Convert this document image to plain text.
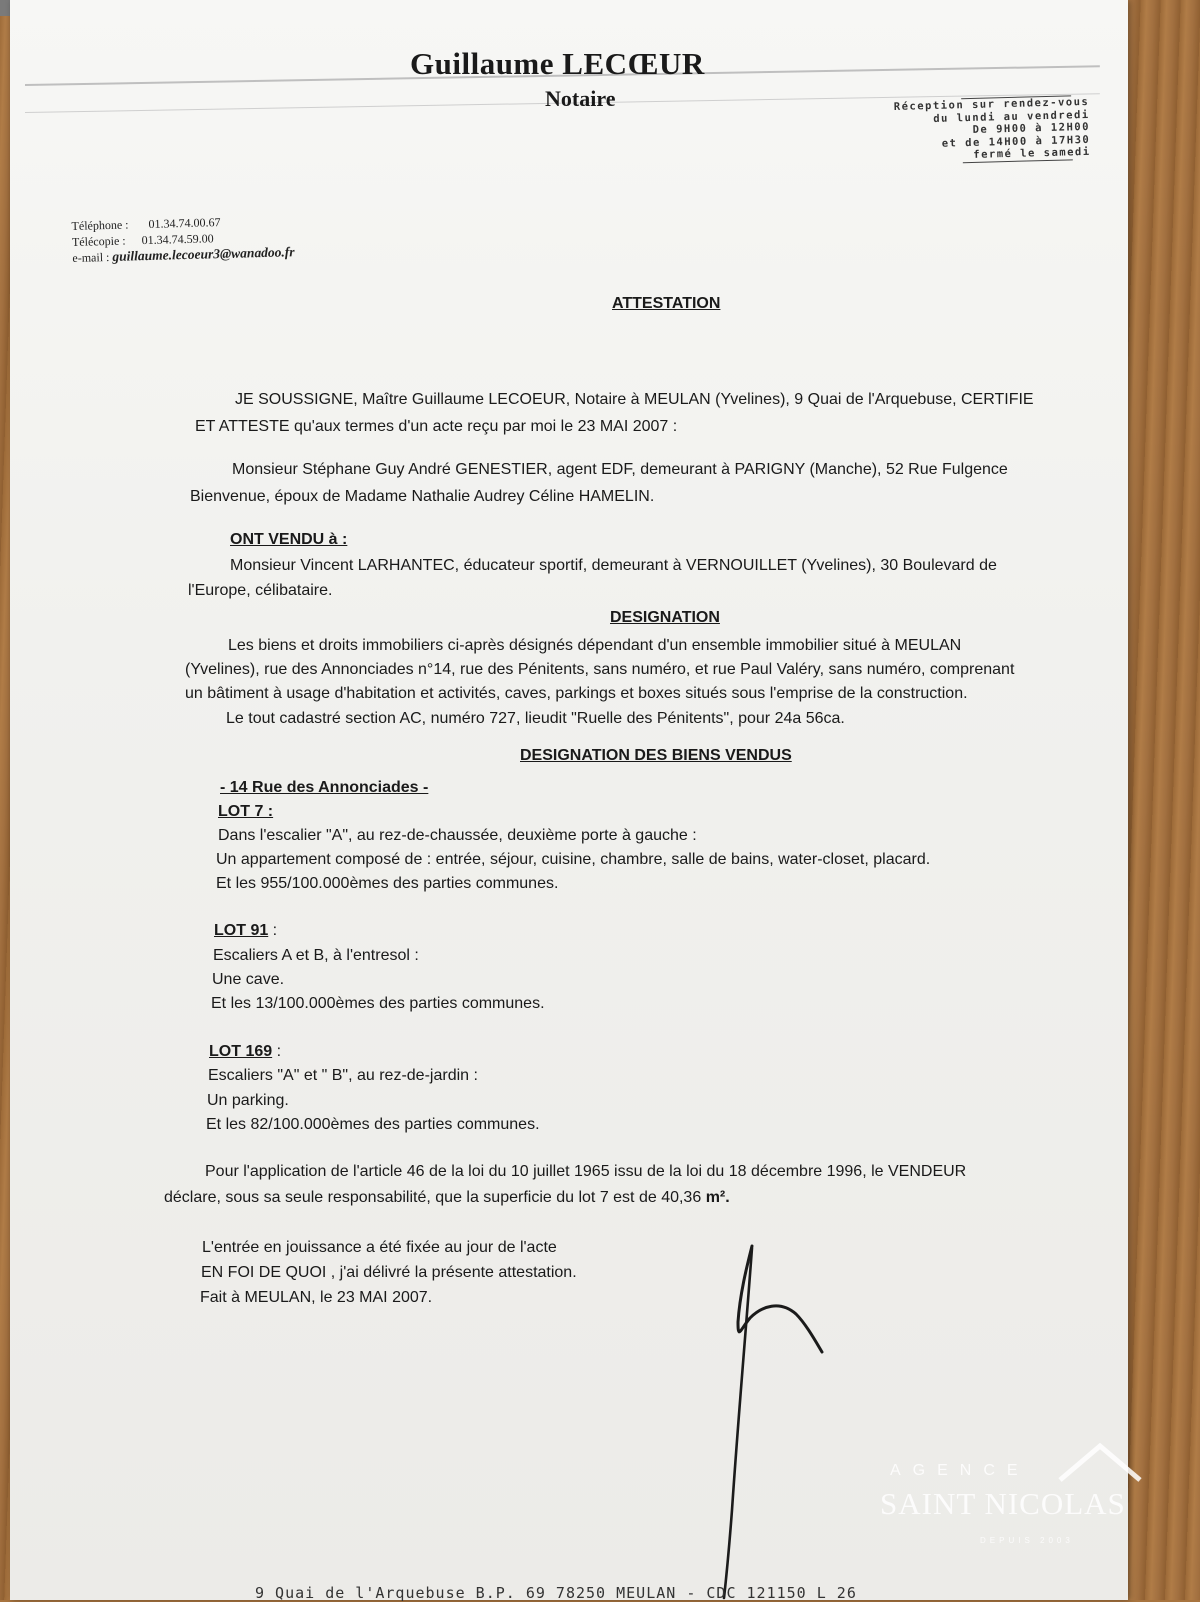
Guillaume LECŒUR
Notaire	Réception sur rendez-vous
du lundi au vendredi
De 9H00 à 12H00
et de 14H00 à 17H30
fermé le samedi
Téléphone : 01.34.74.00.67
Télécopie : 01.34.74.59.00
e-mail : guillaume.lecoeur3@wanadoo.fr
ATTESTATION
JE SOUSSIGNE, Maître Guillaume LECOEUR, Notaire à MEULAN (Yvelines), 9 Quai de l'Arquebuse, CERTIFIE
ET ATTESTE qu'aux termes d'un acte reçu par moi le 23 MAI 2007 :
Monsieur Stéphane Guy André GENESTIER, agent EDF, demeurant à PARIGNY (Manche), 52 Rue Fulgence
Bienvenue, époux de Madame Nathalie Audrey Céline HAMELIN.
ONT VENDU à :
Monsieur Vincent LARHANTEC, éducateur sportif, demeurant à VERNOUILLET (Yvelines), 30 Boulevard de
l'Europe, célibataire.
DESIGNATION
Les biens et droits immobiliers ci-après désignés dépendant d'un ensemble immobilier situé à MEULAN
(Yvelines), rue des Annonciades n°14, rue des Pénitents, sans numéro, et rue Paul Valéry, sans numéro, comprenant
un bâtiment à usage d'habitation et activités, caves, parkings et boxes situés sous l'emprise de la construction.
Le tout cadastré section AC, numéro 727, lieudit "Ruelle des Pénitents", pour 24a 56ca.
DESIGNATION DES BIENS VENDUS
- 14 Rue des Annonciades -
LOT 7 :
Dans l'escalier "A", au rez-de-chaussée, deuxième porte à gauche :
Un appartement composé de : entrée, séjour, cuisine, chambre, salle de bains, water-closet, placard.
Et les 955/100.000èmes des parties communes.
LOT 91 :
Escaliers A et B, à l'entresol :
Une cave.
Et les 13/100.000èmes des parties communes.
LOT 169 :
Escaliers "A" et " B", au rez-de-jardin :
Un parking.
Et les 82/100.000èmes des parties communes.
Pour l'application de l'article 46 de la loi du 10 juillet 1965 issu de la loi du 18 décembre 1996, le VENDEUR
déclare, sous sa seule responsabilité, que la superficie du lot 7 est de 40,36 m².
L'entrée en jouissance a été fixée au jour de l'acte
EN FOI DE QUOI , j'ai délivré la présente attestation.
Fait à MEULAN, le 23 MAI 2007.
9 Quai de l'Arquebuse B.P. 69 78250 MEULAN - CDC 121150 L 26
AGENCE
SAINT NICOLAS
DEPUIS 2003
